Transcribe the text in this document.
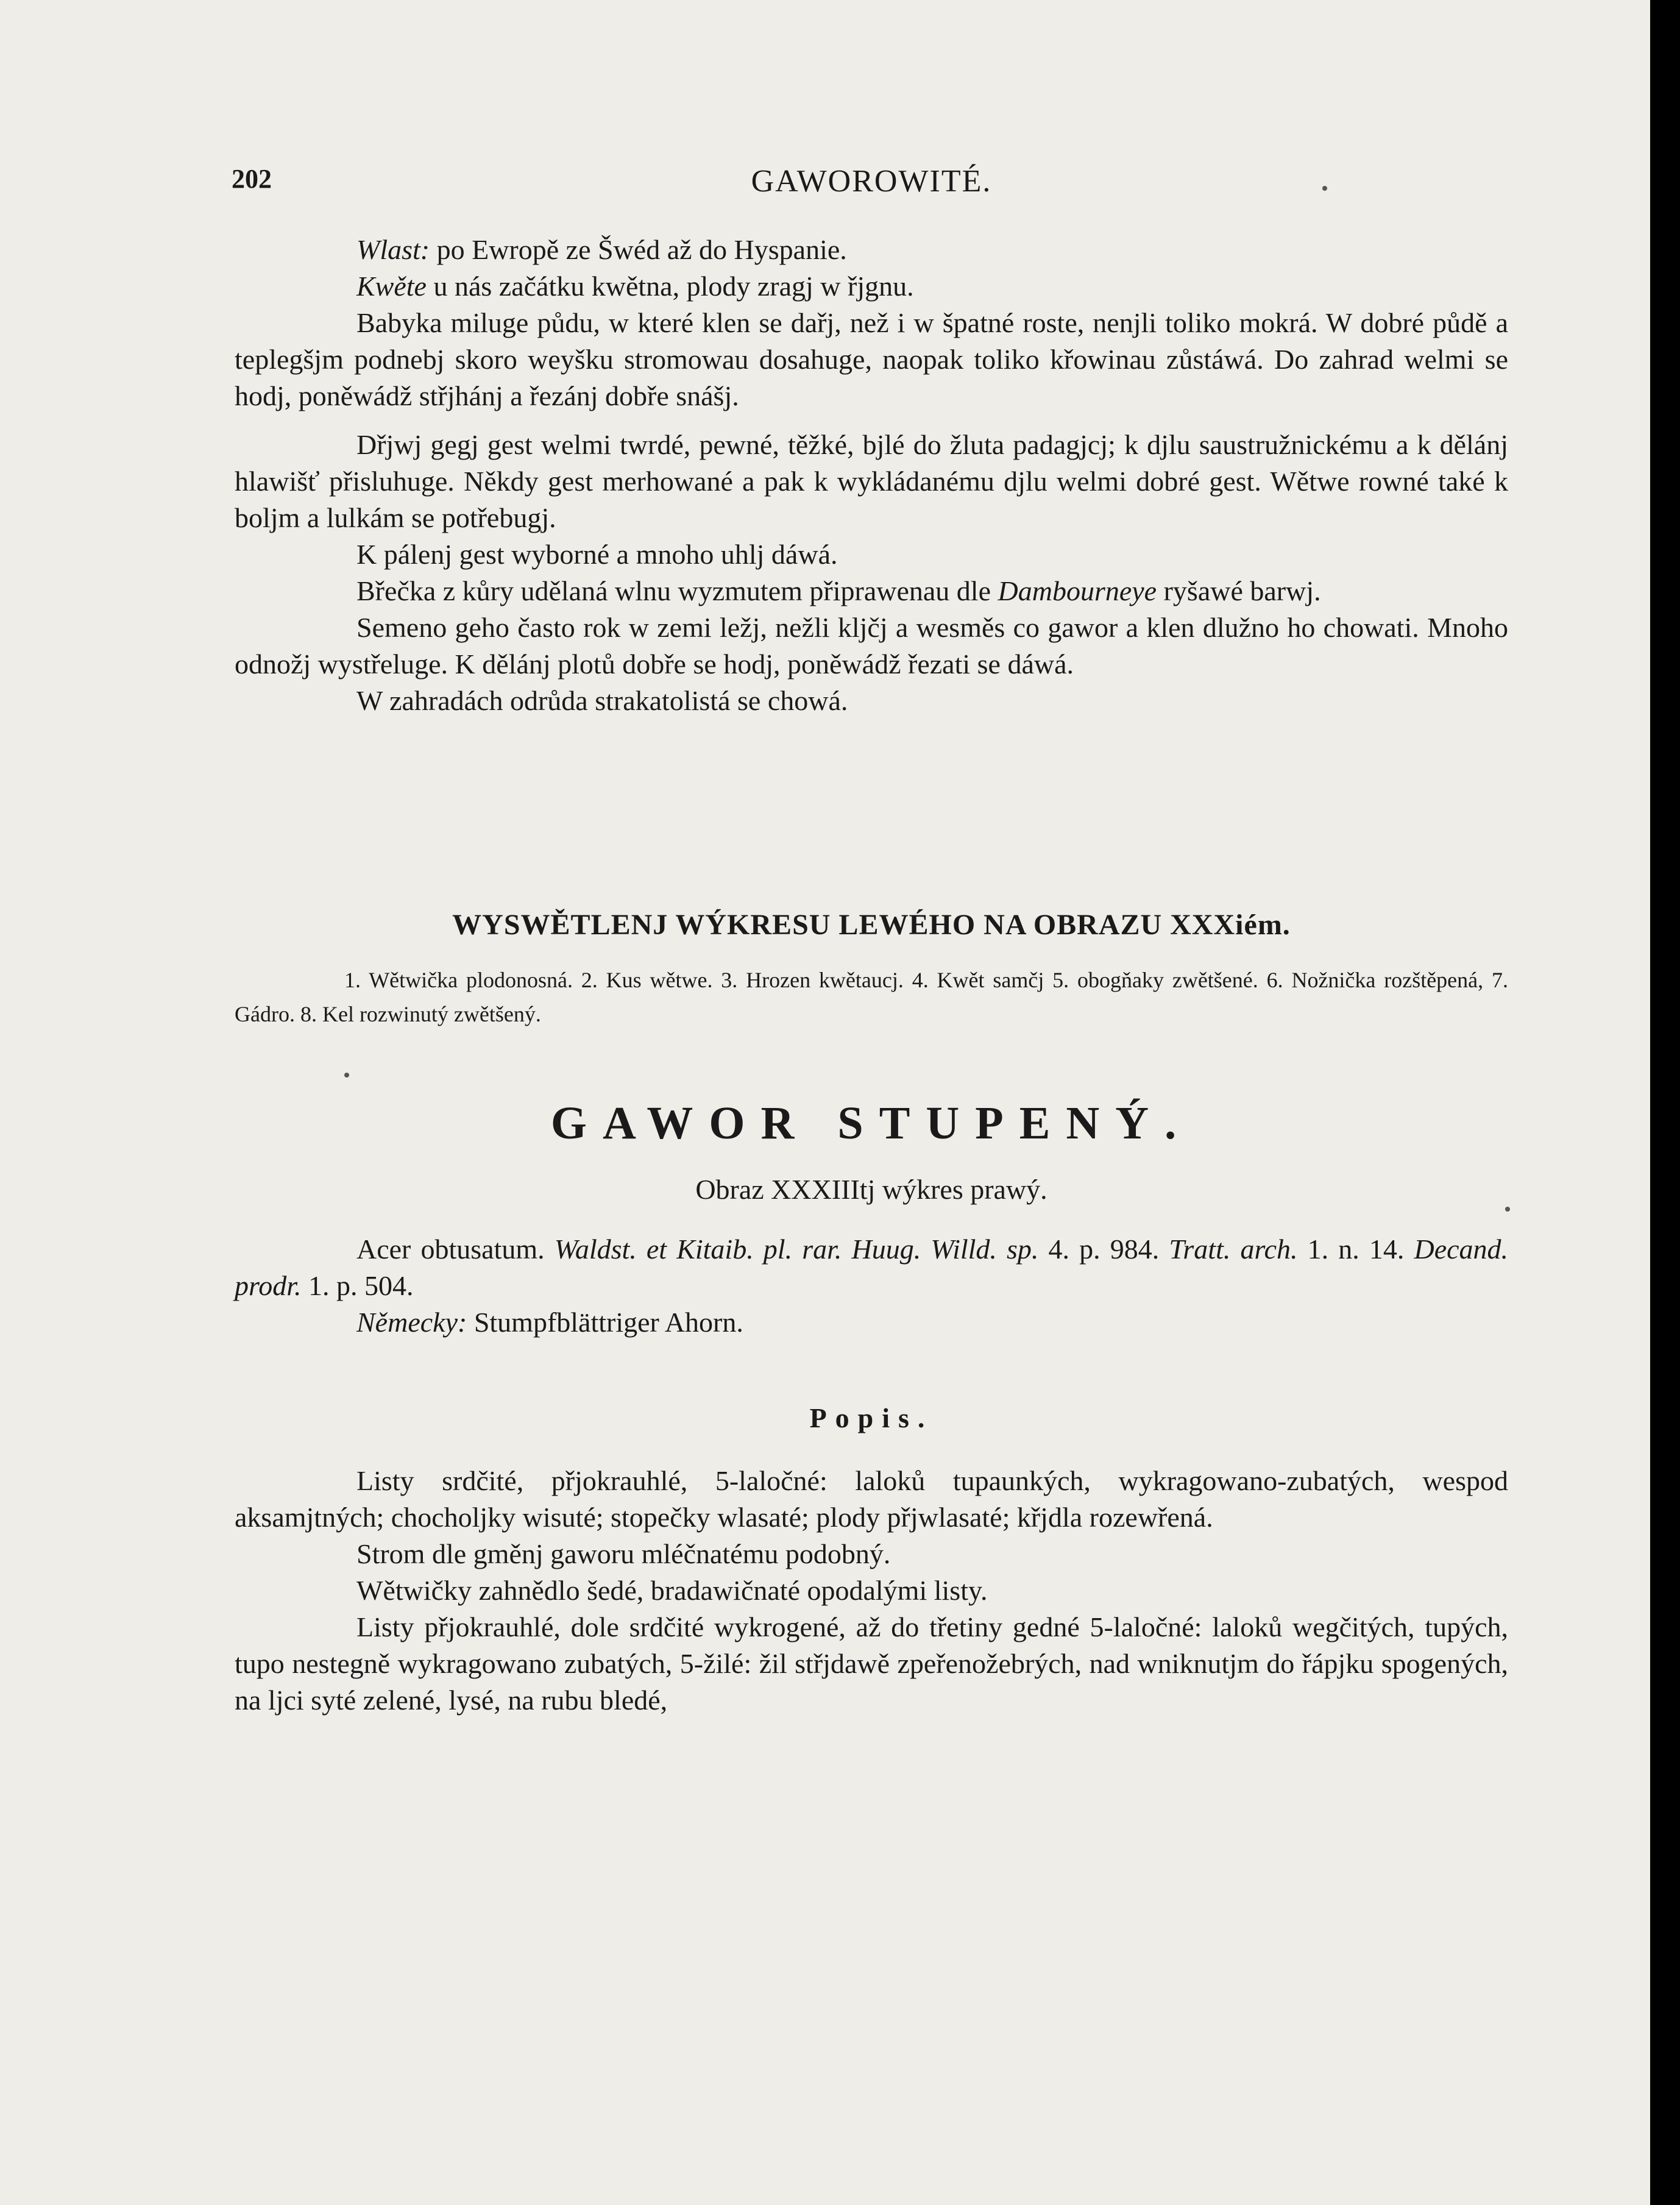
202	GAWOROWITÉ.

Wlast: po Ewropě ze Šwéd až do Hyspanie.

Kwěte u nás začátku kwětna, plody zragj w řjgnu.

Babyka miluge půdu, w které klen se dařj, než i w špatné roste, nenjli toliko mokrá. W dobré půdě a teplegšjm podnebj skoro weyšku stromowau dosahuge, naopak toliko křowinau zůstáwá. Do zahrad welmi se hodj, poněwádž střjhánj a řezánj dobře snášj.

Dřjwj gegj gest welmi twrdé, pewné, těžké, bjlé do žluta padagjcj; k djlu saustružnickému a k dělánj hlawišť přisluhuge. Někdy gest merhowané a pak k wykládanému djlu welmi dobré gest. Wětwe rowné také k boljm a lulkám se potřebugj.

K pálenj gest wyborné a mnoho uhlj dáwá.

Břečka z kůry udělaná wlnu wyzmutem připrawenau dle Dambourneye ryšawé barwj.

Semeno geho často rok w zemi ležj, nežli kljčj a wesměs co gawor a klen dlužno ho chowati. Mnoho odnožj wystřeluge. K dělánj plotů dobře se hodj, poněwádž řezati se dáwá.

W zahradách odrůda strakatolistá se chowá.

WYSWĚTLENJ WÝKRESU LEWÉHO NA OBRAZU XXXiém.
1. Wětwička plodonosná. 2. Kus wětwe. 3. Hrozen kwětaucj. 4. Kwět samčj 5. obogňaky zwětšené. 6. Nožnička rozštěpená, 7. Gádro. 8. Kel rozwinutý zwětšený.
GAWOR STUPENÝ.
Obraz XXXIIItj wýkres prawý.

Acer obtusatum. Waldst. et Kitaib. pl. rar. Huug. Willd. sp. 4. p. 984. Tratt. arch. 1. n. 14. Decand. prodr. 1. p. 504.

Německy: Stumpfblättriger Ahorn.

Popis.

Listy srdčité, přjokrauhlé, 5-laločné: laloků tupaunkých, wykragowano-zubatých, wespod aksamjtných; chocholjky wisuté; stopečky wlasaté; plody přjwlasaté; křjdla rozewřená.

Strom dle gměnj gaworu mléčnatému podobný.

Wětwičky zahnědlo šedé, bradawičnaté opodalými listy.

Listy přjokrauhlé, dole srdčité wykrogené, až do třetiny gedné 5-laločné: laloků wegčitých, tupých, tupo nestegně wykragowano zubatých, 5-žilé: žil střjdawě zpeřenožebrých, nad wniknutjm do řápjku spogených, na ljci syté zelené, lysé, na rubu bledé,
